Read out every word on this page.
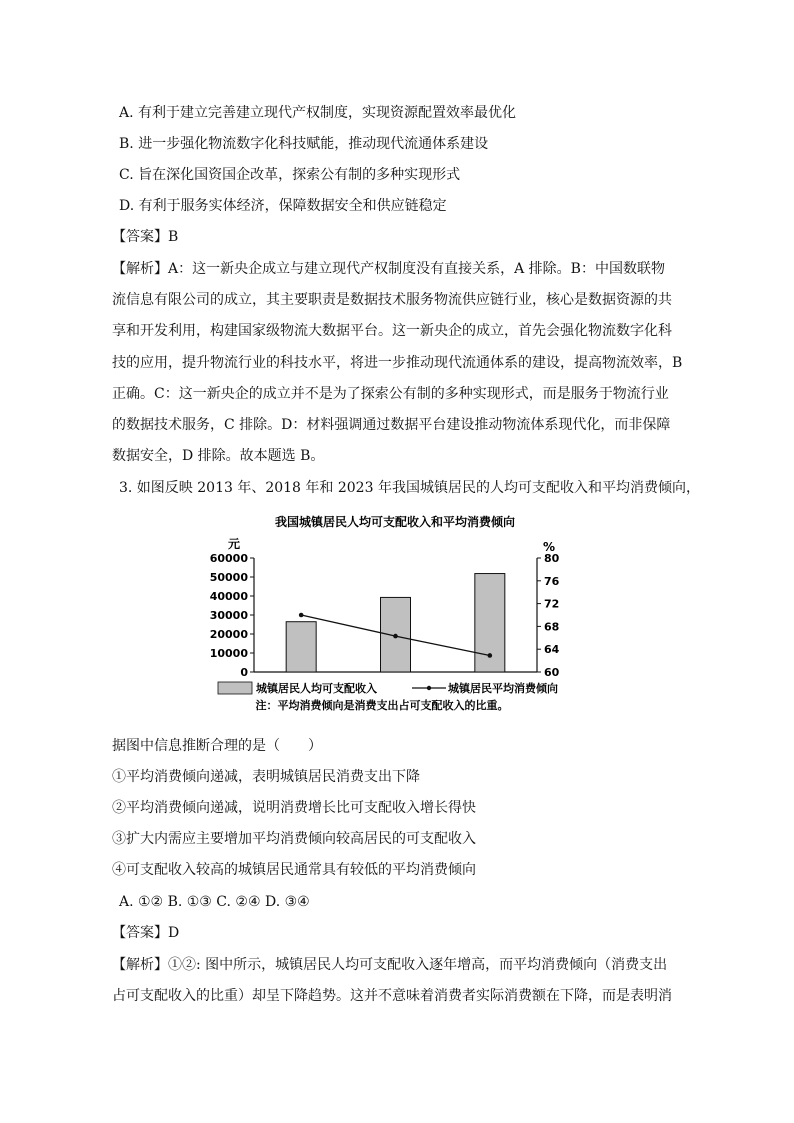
A. 有利于建立完善建立现代产权制度，实现资源配置效率最优化
B. 进一步强化物流数字化科技赋能，推动现代流通体系建设
C. 旨在深化国资国企改革，探索公有制的多种实现形式
D. 有利于服务实体经济，保障数据安全和供应链稳定
【答案】B
【解析】A：这一新央企成立与建立现代产权制度没有直接关系，A 排除。B：中国数联物
流信息有限公司的成立，其主要职责是数据技术服务物流供应链行业，核心是数据资源的共
享和开发利用，构建国家级物流大数据平台。这一新央企的成立，首先会强化物流数字化科
技的应用，提升物流行业的科技水平，将进一步推动现代流通体系的建设，提高物流效率，B
正确。C：这一新央企的成立并不是为了探索公有制的多种实现形式，而是服务于物流行业
的数据技术服务，C 排除。D：材料强调通过数据平台建设推动物流体系现代化，而非保障
数据安全，D 排除。故本题选 B。
3. 如图反映 2013 年、2018 年和 2023 年我国城镇居民的人均可支配收入和平均消费倾向，
我国城镇居民人均可支配收入和平均消费倾向
元	%
60000
50000
40000
30000
20000
10000
0
80
76
72
68
64
60
城镇居民人均可支配收入	城镇居民平均消费倾向
注：平均消费倾向是消费支出占可支配收入的比重。
据图中信息推断合理的是（　　）
①平均消费倾向递减，表明城镇居民消费支出下降
②平均消费倾向递减，说明消费增长比可支配收入增长得快
③扩大内需应主要增加平均消费倾向较高居民的可支配收入
④可支配收入较高的城镇居民通常具有较低的平均消费倾向
A. ①② B. ①③ C. ②④ D. ③④
【答案】D
【解析】①②: 图中所示，城镇居民人均可支配收入逐年增高，而平均消费倾向（消费支出
占可支配收入的比重）却呈下降趋势。这并不意味着消费者实际消费额在下降，而是表明消
